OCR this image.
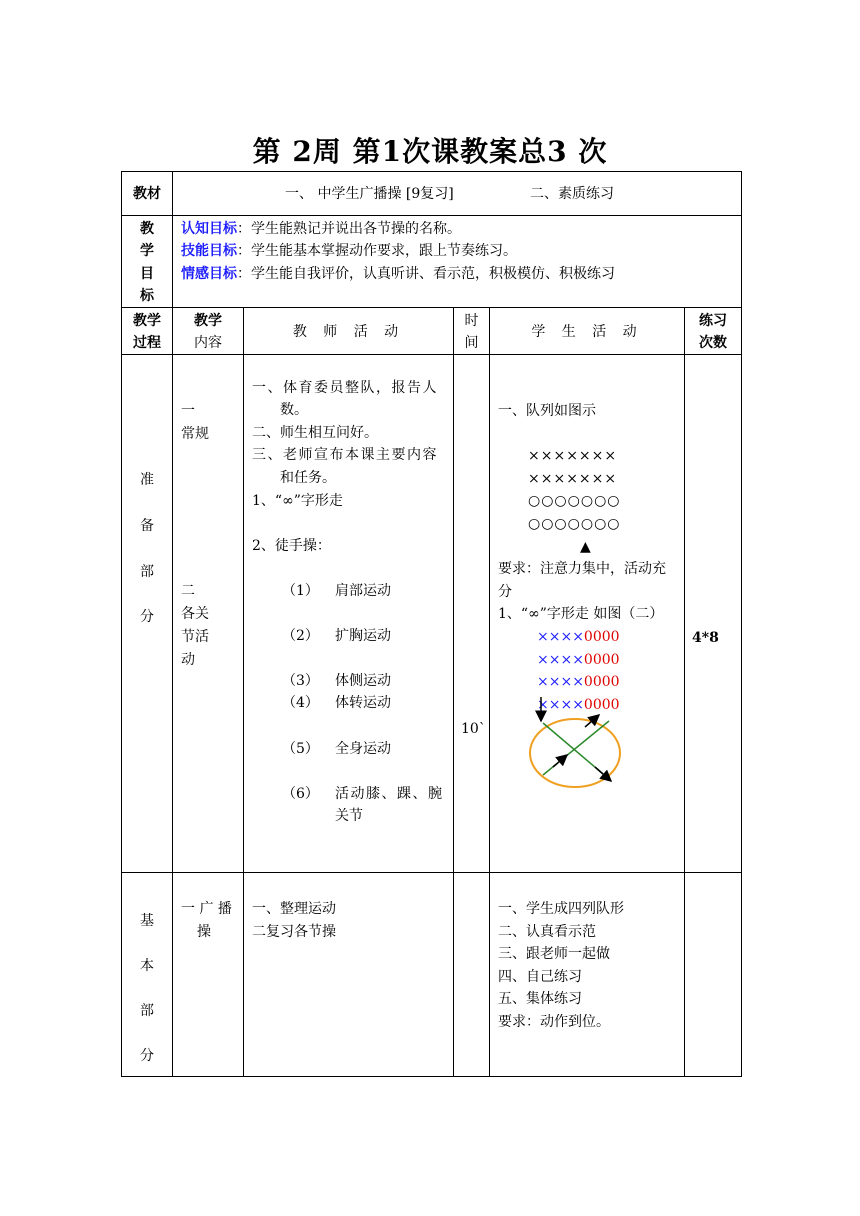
第 2周 第1次课教案总3 次
教材	一、 中学生广播操 [9复习]	二、素质练习
教
学
目
标
认知目标：学生能熟记并说出各节操的名称。
技能目标：学生能基本掌握动作要求，跟上节奏练习。
情感目标：学生能自我评价，认真听讲、看示范，积极模仿、积极练习
教学
过程
教学
内容
教 师 活 动
时
间
学 生 活 动
练习
次数
准
备
部
分
一
常规
二
各关
节活
动
一、体育委员整队，报告人
数。
二、师生相互问好。
三、老师宣布本课主要内容
和任务。
1、“∞”字形走
2、徒手操：
（1） 肩部运动
（2） 扩胸运动
（3） 体侧运动
（4） 体转运动
（5） 全身运动
（6） 活动膝、踝、腕
关节
10`
一、队列如图示
×××××××
×××××××
○○○○○○○
○○○○○○○
▲
要求：注意力集中，活动充
分
1、“∞”字形走 如图（二）
××××0000
××××0000
××××0000
××××0000
4*8
基
本
部
分
一 广 播
操
一、整理运动
二复习各节操
一、学生成四列队形
二、认真看示范
三、跟老师一起做
四、自己练习
五、集体练习
要求：动作到位。
